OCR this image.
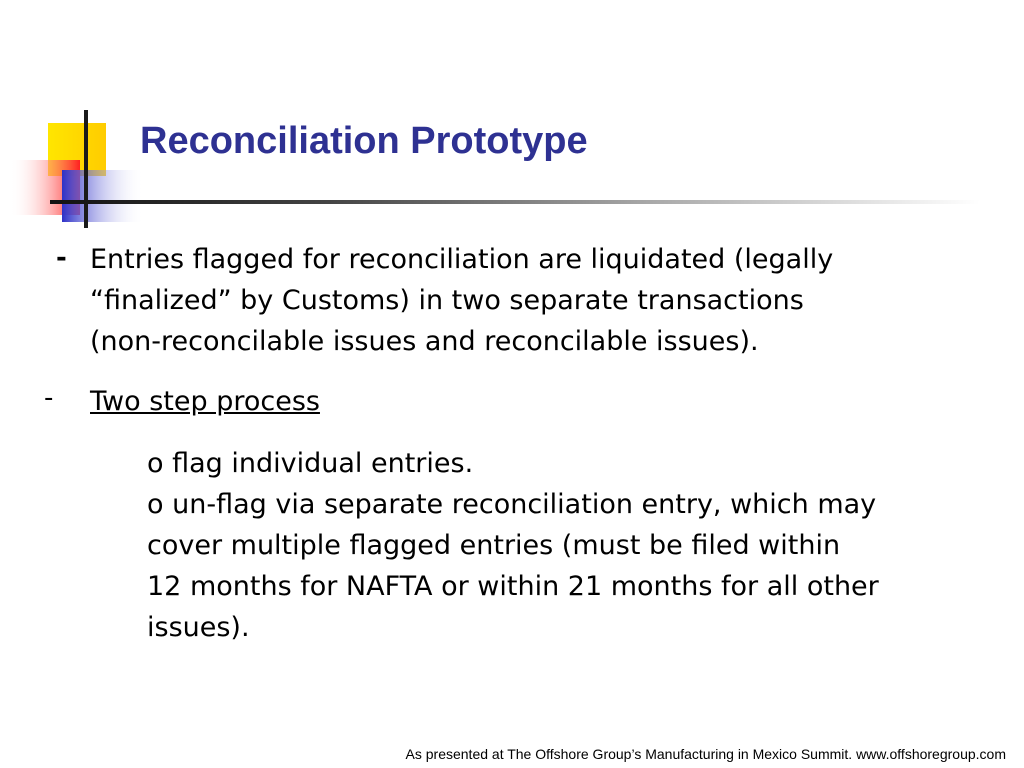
Reconciliation Prototype
- Entries flagged for reconciliation are liquidated (legally
“finalized” by Customs) in two separate transactions
(non-reconcilable issues and reconcilable issues).
- Two step process
o flag individual entries.
o un-flag via separate reconciliation entry, which may
cover multiple flagged entries (must be filed within
12 months for NAFTA or within 21 months for all other
issues).
As presented at The Offshore Group’s Manufacturing in Mexico Summit. www.offshoregroup.com
